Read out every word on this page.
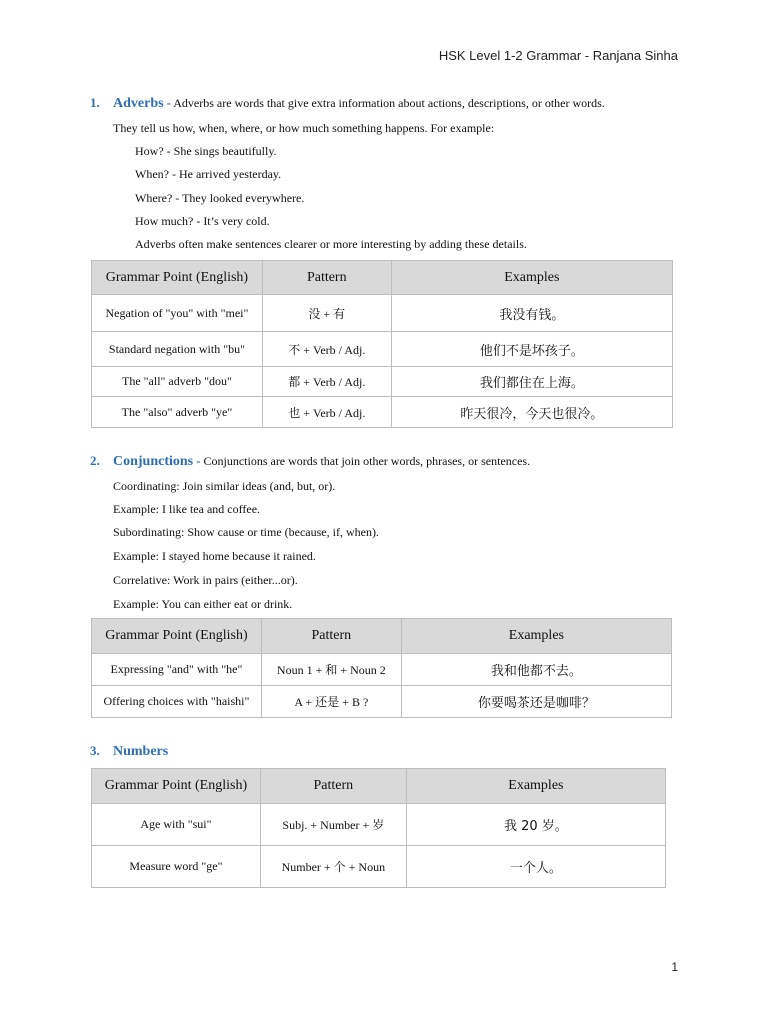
HSK Level 1-2 Grammar - Ranjana Sinha
1. Adverbs - Adverbs are words that give extra information about actions, descriptions, or other words.
They tell us how, when, where, or how much something happens. For example:
How? - She sings beautifully.
When? - He arrived yesterday.
Where? - They looked everywhere.
How much? - It’s very cold.
Adverbs often make sentences clearer or more interesting by adding these details.
Grammar Point (English)	Pattern	Examples
Negation of "you" with "mei"	没 + 有	我没有钱。
Standard negation with "bu"	不 + Verb / Adj.	他们不是坏孩子。
The "all" adverb "dou"	都 + Verb / Adj.	我们都住在上海。
The "also" adverb "ye"	也 + Verb / Adj.	昨天很冷，今天也很冷。
2. Conjunctions - Conjunctions are words that join other words, phrases, or sentences.
Coordinating: Join similar ideas (and, but, or).
Example: I like tea and coffee.
Subordinating: Show cause or time (because, if, when).
Example: I stayed home because it rained.
Correlative: Work in pairs (either...or).
Example: You can either eat or drink.
Grammar Point (English)	Pattern	Examples
Expressing "and" with "he"	Noun 1 + 和 + Noun 2	我和他都不去。
Offering choices with "haishi"	A + 还是 + B ?	你要喝茶还是咖啡？
3. Numbers
Grammar Point (English)	Pattern	Examples
Age with "sui"	Subj. + Number + 岁	我 20 岁。
Measure word "ge"	Number + 个 + Noun	一个人。
1
